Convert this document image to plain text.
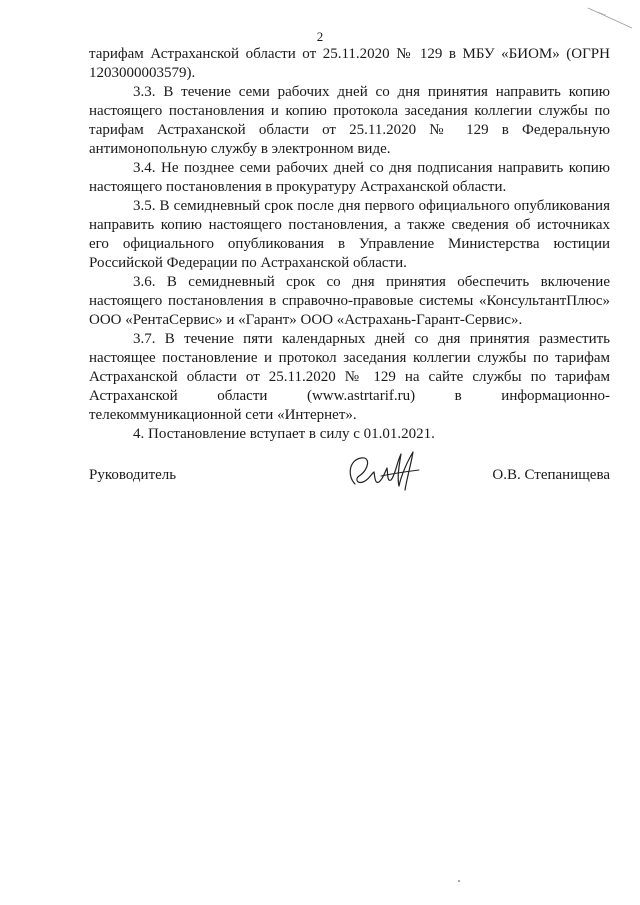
2

тарифам Астраханской области от 25.11.2020 № 129 в МБУ «БИОМ» (ОГРН 1203000003579).

3.3. В течение семи рабочих дней со дня принятия направить копию настоящего постановления и копию протокола заседания коллегии службы по тарифам Астраханской области от 25.11.2020 № 129 в Федеральную антимонопольную службу в электронном виде.

3.4. Не позднее семи рабочих дней со дня подписания направить копию настоящего постановления в прокуратуру Астраханской области.

3.5. В семидневный срок после дня первого официального опубликования направить копию настоящего постановления, а также сведения об источниках его официального опубликования в Управление Министерства юстиции Российской Федерации по Астраханской области.

3.6. В семидневный срок со дня принятия обеспечить включение настоящего постановления в справочно-правовые системы «КонсультантПлюс» ООО «РентаСервис» и «Гарант» ООО «Астрахань-Гарант-Сервис».

3.7. В течение пяти календарных дней со дня принятия разместить настоящее постановление и протокол заседания коллегии службы по тарифам Астраханской области от 25.11.2020 № 129 на сайте службы по тарифам Астраханской области (www.astrtarif.ru) в информационно-телекоммуникационной сети «Интернет».

4. Постановление вступает в силу с 01.01.2021.

Руководитель	О.В. Степанищева
